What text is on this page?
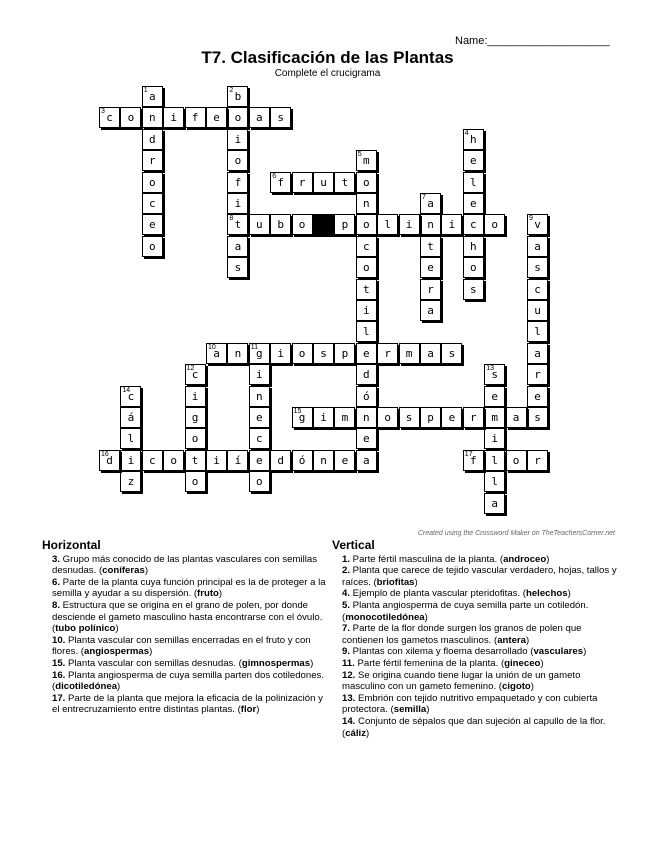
Name:____________________
T7. Clasificación de las Plantas
Complete el crucigrama
1 a
n
d
r
o
c
e
o
2 b
o
i
o
f
i
8 t
a
s
3 c	o	i	f	e	a	s
4 h
e
l
e
c
h
o
s
5 m
o
n
o
c
o
t
i
l
e
d
ó
n
e
a
6 f	r	u	t
7 a
n
t
e
r
a
u	b	o	p	l	i	i	o	9 v
a
s
c
u
l
a
r
e
s
10
a	n	11
g	i	o	s	p	r	m	a	s
i
n
e
c
e
o
12
c
i
g
o
t
o
13
s
e
m
i
l
l
a
14
c
á
l
i
z
15
g	i	m	o	s	p	e	r	a
16
d	c	o	i	í	d	ó	n	e	17
f	o	r
Created using the Crossword Maker on TheTeachersCorner.net
Horizontal
3. Grupo más conocido de las plantas vasculares con semillas desnudas. (coníferas)
6. Parte de la planta cuya función principal es la de proteger a la semilla y ayudar a su dispersión. (fruto)
8. Estructura que se origina en el grano de polen, por donde desciende el gameto masculino hasta encontrarse con el óvulo. (tubo polínico)
10. Planta vascular con semillas encerradas en el fruto y con flores. (angiospermas)
15. Planta vascular con semillas desnudas. (gimnospermas)
16. Planta angiosperma de cuya semilla parten dos cotiledones. (dicotiledónea)
17. Parte de la planta que mejora la eficacia de la polinización y el entrecruzamiento entre distintas plantas. (flor)
Vertical
1. Parte fértil masculina de la planta. (androceo)
2. Planta que carece de tejido vascular verdadero, hojas, tallos y raíces. (briofitas)
4. Ejemplo de planta vascular pteridofitas. (helechos)
5. Planta angiosperma de cuya semilla parte un cotiledón. (monocotiledónea)
7. Parte de la flor donde surgen los granos de polen que contienen los gametos masculinos. (antera)
9. Plantas con xilema y floema desarrollado (vasculares)
11. Parte fértil femenina de la planta. (gineceo)
12. Se origina cuando tiene lugar la unión de un gameto masculino con un gameto femenino. (cigoto)
13. Embrión con tejido nutritivo empaquetado y con cubierta protectora. (semilla)
14. Conjunto de sépalos que dan sujeción al capullo de la flor. (cáliz)
